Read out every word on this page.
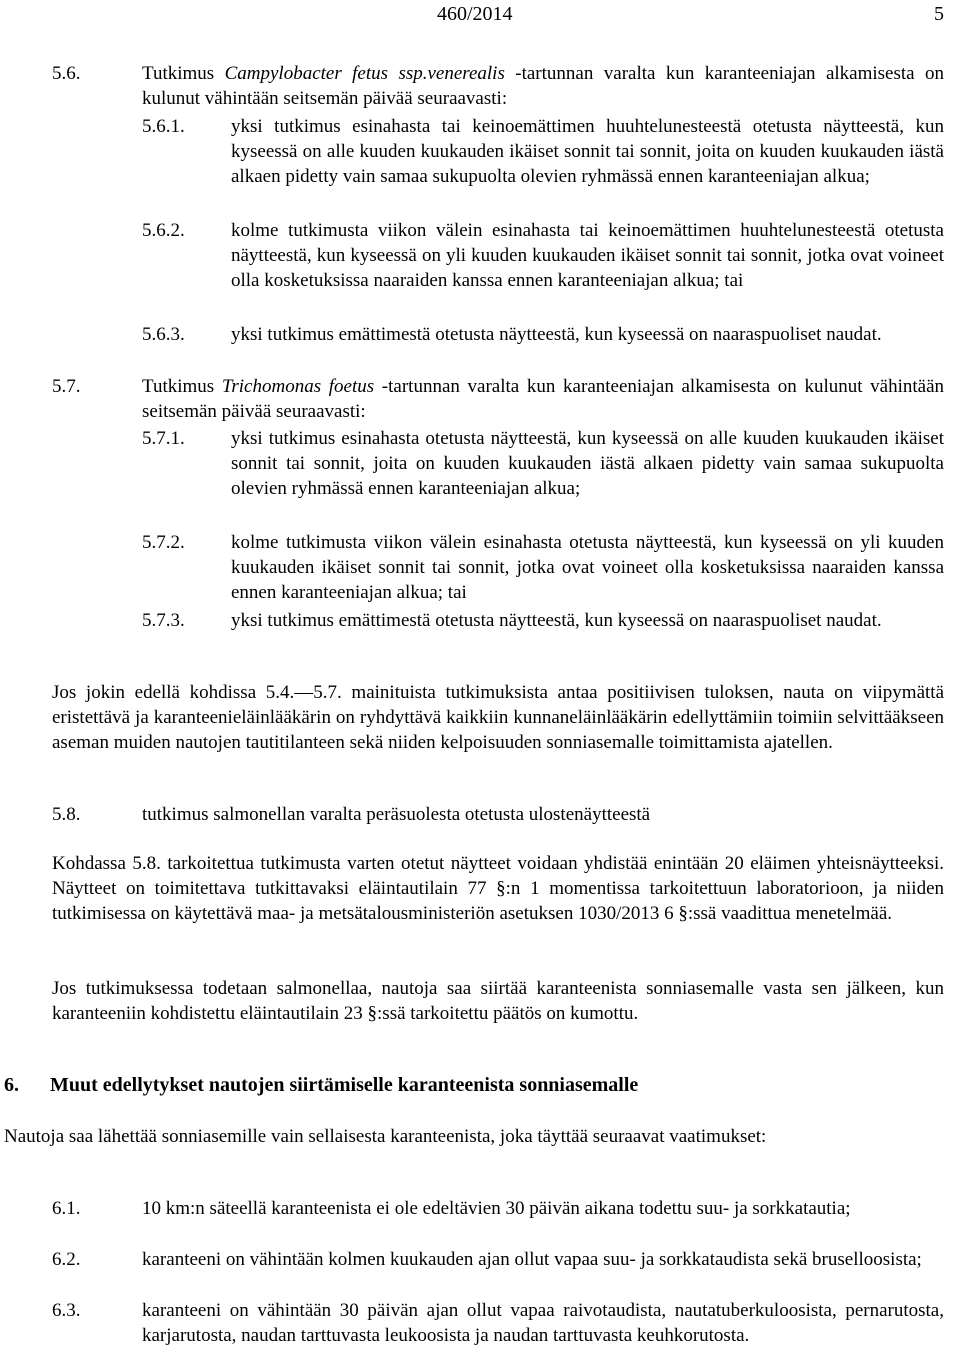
460/2014	5
5.6.	Tutkimus Campylobacter fetus ssp.venerealis -tartunnan varalta kun karanteeniajan alkamisesta on kulunut vähintään seitsemän päivää seuraavasti:
5.6.1. yksi tutkimus esinahasta tai keinoemättimen huuhtelunesteestä otetusta näytteestä, kun kyseessä on alle kuuden kuukauden ikäiset sonnit tai sonnit, joita on kuuden kuukauden iästä alkaen pidetty vain samaa sukupuolta olevien ryhmässä ennen karanteeniajan alkua;
5.6.2. kolme tutkimusta viikon välein esinahasta tai keinoemättimen huuhtelunesteestä otetusta näytteestä, kun kyseessä on yli kuuden kuukauden ikäiset sonnit tai sonnit, jotka ovat voineet olla kosketuksissa naaraiden kanssa ennen karanteeniajan alkua; tai
5.6.3. yksi tutkimus emättimestä otetusta näytteestä, kun kyseessä on naaraspuoliset naudat.
5.7.	Tutkimus Trichomonas foetus -tartunnan varalta kun karanteeniajan alkamisesta on kulunut vähintään seitsemän päivää seuraavasti:
5.7.1. yksi tutkimus esinahasta otetusta näytteestä, kun kyseessä on alle kuuden kuukauden ikäiset sonnit tai sonnit, joita on kuuden kuukauden iästä alkaen pidetty vain samaa sukupuolta olevien ryhmässä ennen karanteeniajan alkua;
5.7.2. kolme tutkimusta viikon välein esinahasta otetusta näytteestä, kun kyseessä on yli kuuden kuukauden ikäiset sonnit tai sonnit, jotka ovat voineet olla kosketuksissa naaraiden kanssa ennen karanteeniajan alkua; tai
5.7.3. yksi tutkimus emättimestä otetusta näytteestä, kun kyseessä on naaraspuoliset naudat.
Jos jokin edellä kohdissa 5.4.—5.7. mainituista tutkimuksista antaa positiivisen tuloksen, nauta on viipymättä eristettävä ja karanteenieläinlääkärin on ryhdyttävä kaikkiin kunnaneläinlääkärin edellyttämiin toimiin selvittääkseen aseman muiden nautojen tautitilanteen sekä niiden kelpoisuuden sonniasemalle toimittamista ajatellen.
5.8.	tutkimus salmonellan varalta peräsuolesta otetusta ulostenäytteestä
Kohdassa 5.8. tarkoitettua tutkimusta varten otetut näytteet voidaan yhdistää enintään 20 eläimen yhteisnäytteeksi. Näytteet on toimitettava tutkittavaksi eläintautilain 77 §:n 1 momentissa tarkoitettuun laboratorioon, ja niiden tutkimisessa on käytettävä maa- ja metsätalousministeriön asetuksen 1030/2013 6 §:ssä vaadittua menetelmää.
Jos tutkimuksessa todetaan salmonellaa, nautoja saa siirtää karanteenista sonniasemalle vasta sen jälkeen, kun karanteeniin kohdistettu eläintautilain 23 §:ssä tarkoitettu päätös on kumottu.
6. Muut edellytykset nautojen siirtämiselle karanteenista sonniasemalle
Nautoja saa lähettää sonniasemille vain sellaisesta karanteenista, joka täyttää seuraavat vaatimukset:
6.1.	10 km:n säteellä karanteenista ei ole edeltävien 30 päivän aikana todettu suu- ja sorkkatautia;
6.2.	karanteeni on vähintään kolmen kuukauden ajan ollut vapaa suu- ja sorkkataudista sekä bruselloosista;
6.3.	karanteeni on vähintään 30 päivän ajan ollut vapaa raivotaudista, nautatuberkuloosista, pernarutosta, karjarutosta, naudan tarttuvasta leukoosista ja naudan tarttuvasta keuhkorutosta.
